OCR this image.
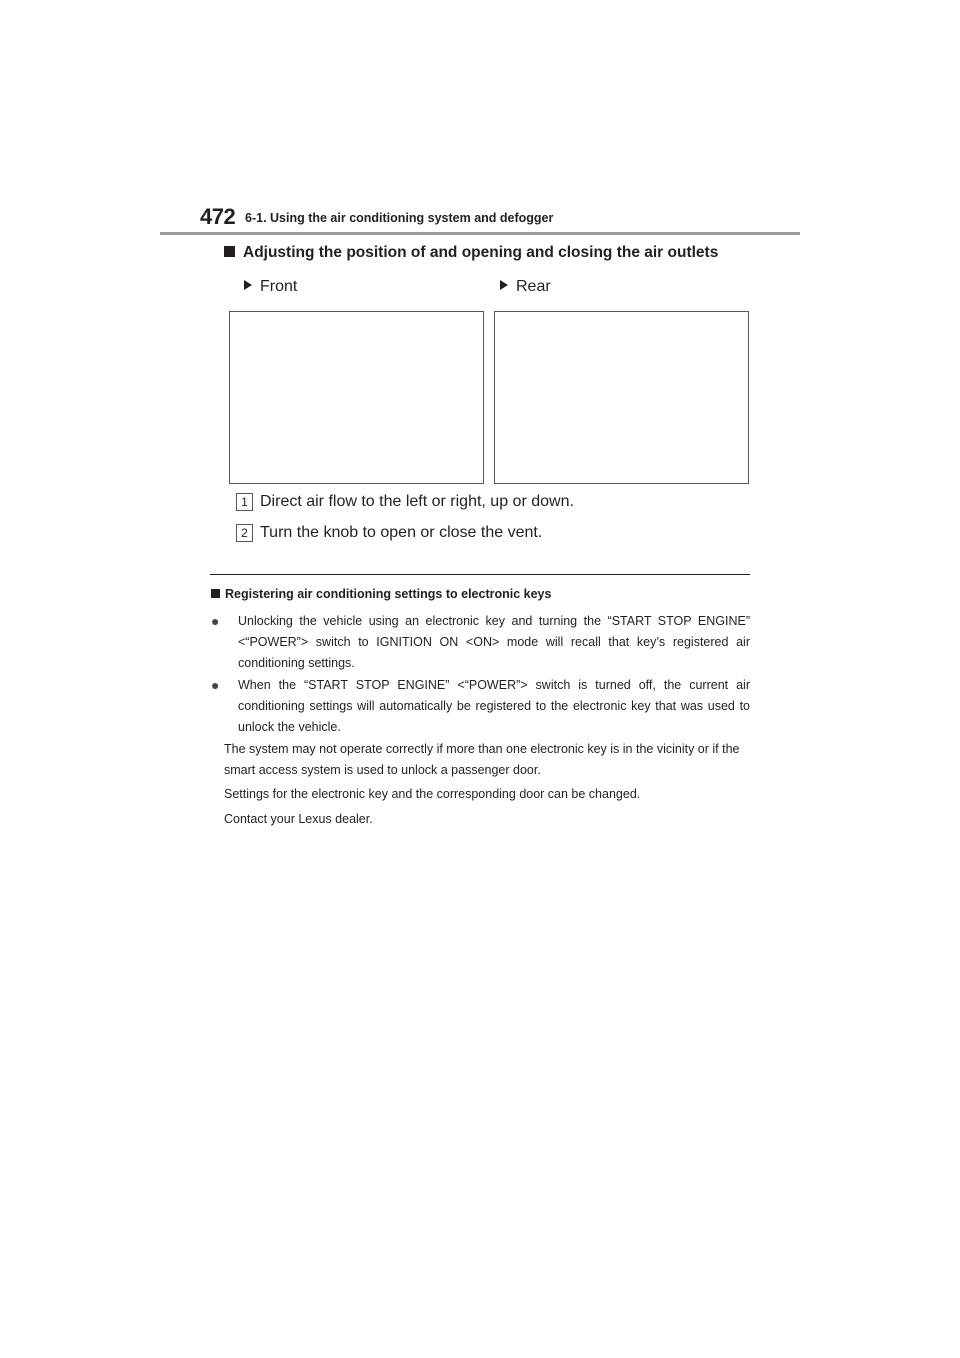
472 6-1. Using the air conditioning system and defogger
Adjusting the position of and opening and closing the air outlets
Front	Rear
1 Direct air flow to the left or right, up or down.
2 Turn the knob to open or close the vent.
Registering air conditioning settings to electronic keys
● Unlocking the vehicle using an electronic key and turning the “START STOP ENGINE” <“POWER”> switch to IGNITION ON <ON> mode will recall that key’s registered air conditioning settings.
● When the “START STOP ENGINE” <“POWER”> switch is turned off, the current air conditioning settings will automatically be registered to the electronic key that was used to unlock the vehicle.
The system may not operate correctly if more than one electronic key is in the vicinity or if the smart access system is used to unlock a passenger door.
Settings for the electronic key and the corresponding door can be changed.
Contact your Lexus dealer.
